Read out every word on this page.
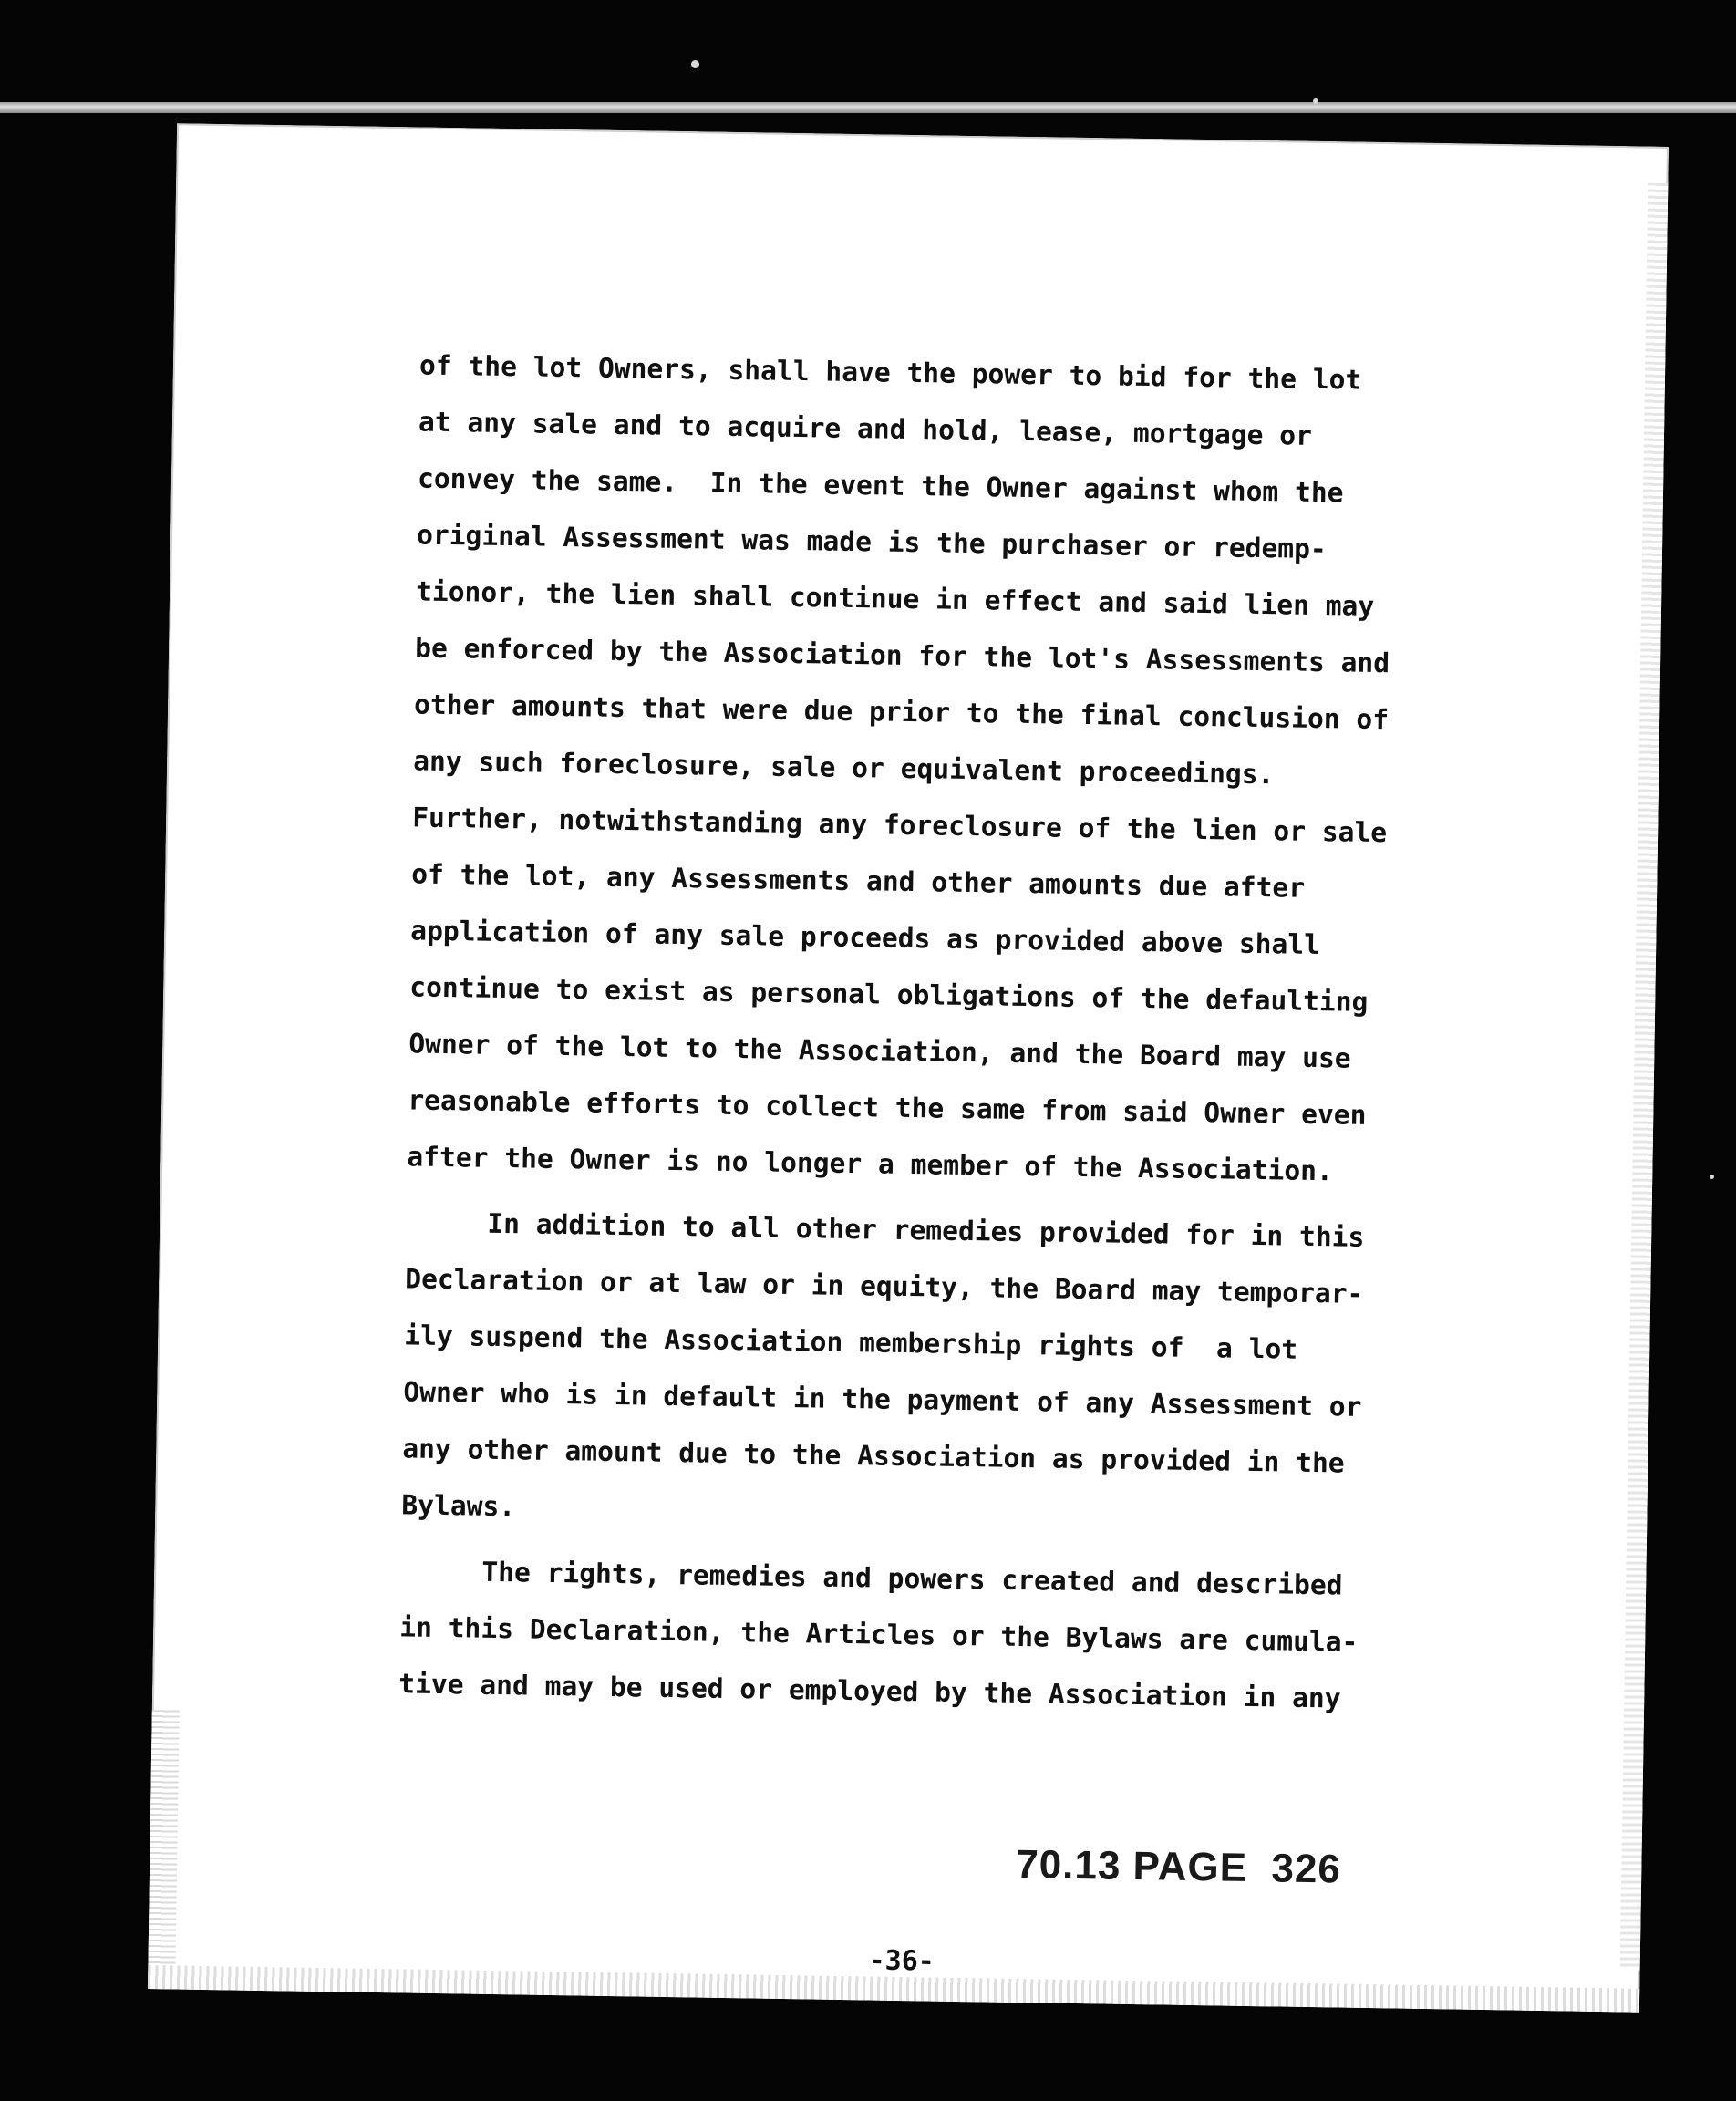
of the lot Owners, shall have the power to bid for the lot
at any sale and to acquire and hold, lease, mortgage or
convey the same.  In the event the Owner against whom the
original Assessment was made is the purchaser or redemp-
tionor, the lien shall continue in effect and said lien may
be enforced by the Association for the lot's Assessments and
other amounts that were due prior to the final conclusion of
any such foreclosure, sale or equivalent proceedings.
Further, notwithstanding any foreclosure of the lien or sale
of the lot, any Assessments and other amounts due after
application of any sale proceeds as provided above shall
continue to exist as personal obligations of the defaulting
Owner of the lot to the Association, and the Board may use
reasonable efforts to collect the same from said Owner even
after the Owner is no longer a member of the Association.
In addition to all other remedies provided for in this
Declaration or at law or in equity, the Board may temporar-
ily suspend the Association membership rights of  a lot
Owner who is in default in the payment of any Assessment or
any other amount due to the Association as provided in the
Bylaws.
The rights, remedies and powers created and described
in this Declaration, the Articles or the Bylaws are cumula-
tive and may be used or employed by the Association in any
70.13 PAGE  326
-36-
